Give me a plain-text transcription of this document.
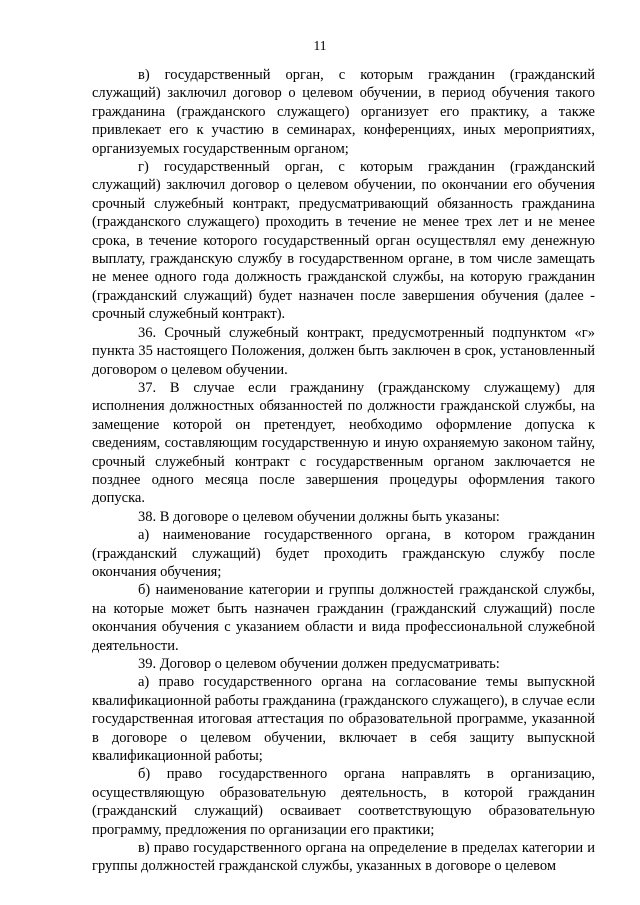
11

в) государственный орган, с которым гражданин (гражданский служащий) заключил договор о целевом обучении, в период обучения такого гражданина (гражданского служащего) организует его практику, а также привлекает его к участию в семинарах, конференциях, иных мероприятиях, организуемых государственным органом;

г) государственный орган, с которым гражданин (гражданский служащий) заключил договор о целевом обучении, по окончании его обучения срочный служебный контракт, предусматривающий обязанность гражданина (гражданского служащего) проходить в течение не менее трех лет и не менее срока, в течение которого государственный орган осуществлял ему денежную выплату, гражданскую службу в государственном органе, в том числе замещать не менее одного года должность гражданской службы, на которую гражданин (гражданский служащий) будет назначен после завершения обучения (далее - срочный служебный контракт).

36. Срочный служебный контракт, предусмотренный подпунктом «г» пункта 35 настоящего Положения, должен быть заключен в срок, установленный договором о целевом обучении.

37. В случае если гражданину (гражданскому служащему) для исполнения должностных обязанностей по должности гражданской службы, на замещение которой он претендует, необходимо оформление допуска к сведениям, составляющим государственную и иную охраняемую законом тайну, срочный служебный контракт с государственным органом заключается не позднее одного месяца после завершения процедуры оформления такого допуска.

38. В договоре о целевом обучении должны быть указаны:

а) наименование государственного органа, в котором гражданин (гражданский служащий) будет проходить гражданскую службу после окончания обучения;

б) наименование категории и группы должностей гражданской службы, на которые может быть назначен гражданин (гражданский служащий) после окончания обучения с указанием области и вида профессиональной служебной деятельности.

39. Договор о целевом обучении должен предусматривать:

а) право государственного органа на согласование темы выпускной квалификационной работы гражданина (гражданского служащего), в случае если государственная итоговая аттестация по образовательной программе, указанной в договоре о целевом обучении, включает в себя защиту выпускной квалификационной работы;

б) право государственного органа направлять в организацию, осуществляющую образовательную деятельность, в которой гражданин (гражданский служащий) осваивает соответствующую образовательную программу, предложения по организации его практики;

в) право государственного органа на определение в пределах категории и группы должностей гражданской службы, указанных в договоре о целевом
